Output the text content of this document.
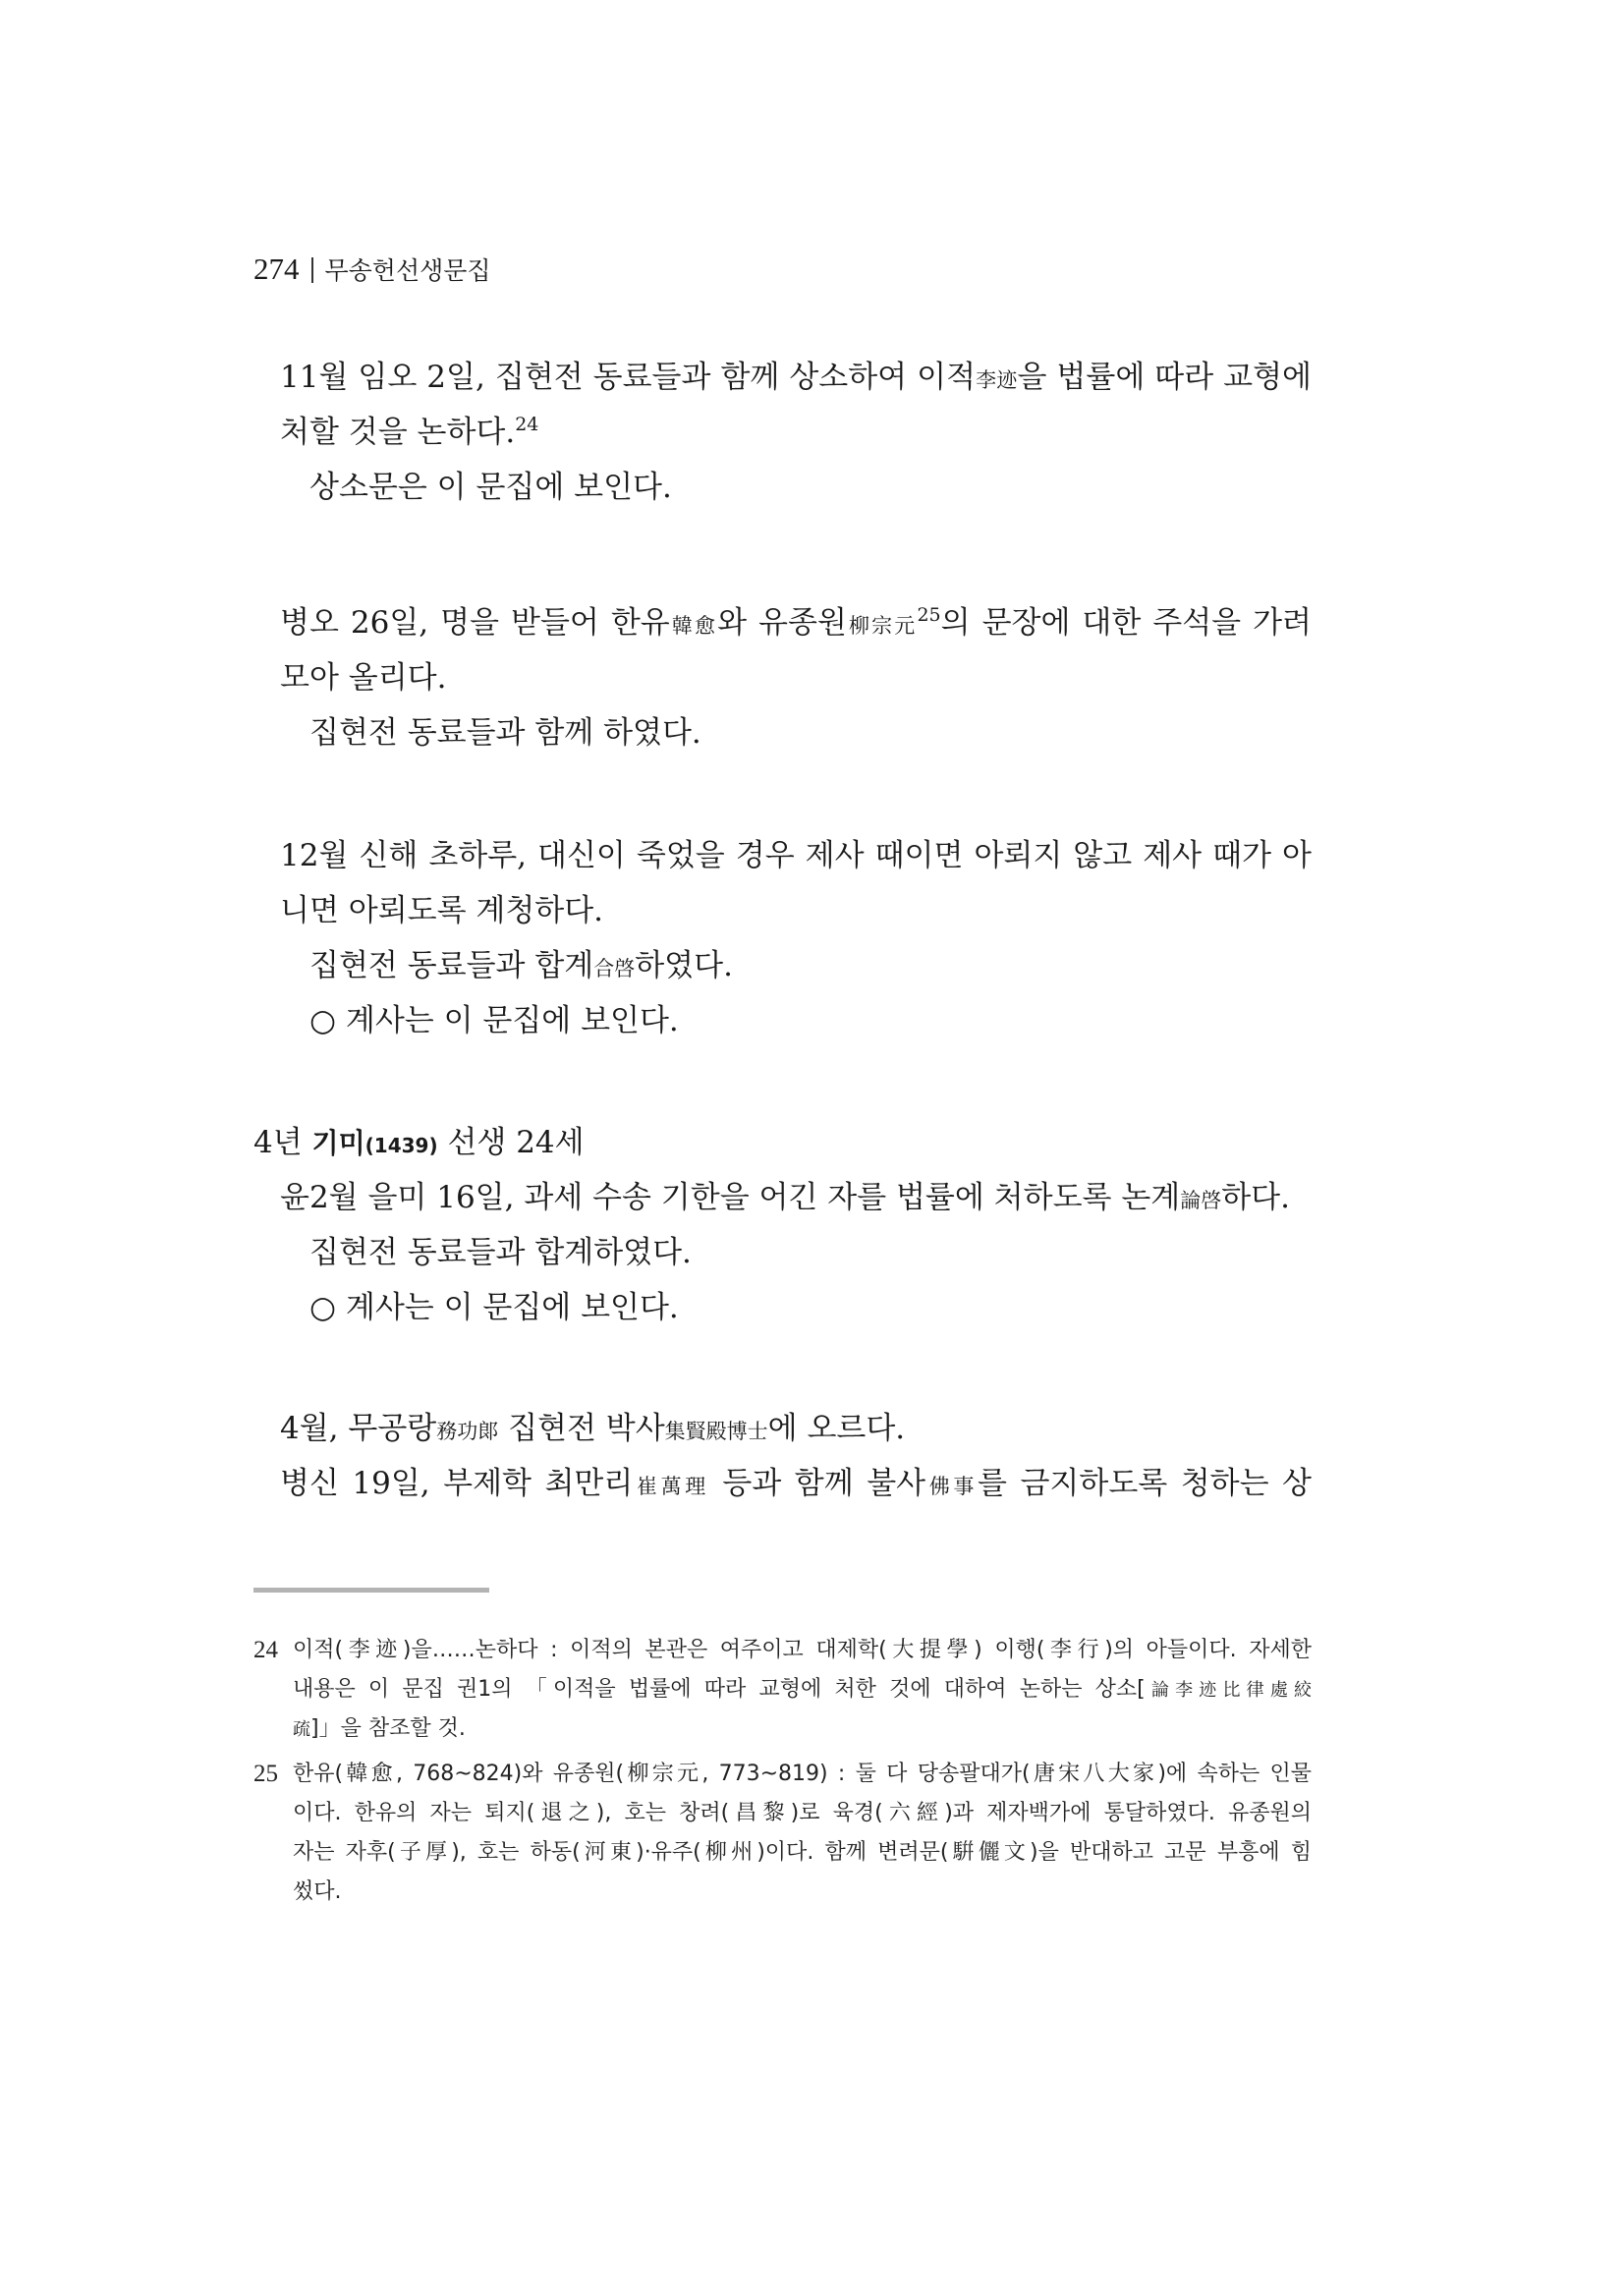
274 무송헌선생문집
11월 임오 2일, 집현전 동료들과 함께 상소하여 이적李迹을 법률에 따라 교형에
처할 것을 논하다.$^{24}$
상소문은 이 문집에 보인다.
병오 26일, 명을 받들어 한유韓愈와 유종원柳宗元$^{25}$의 문장에 대한 주석을 가려
모아 올리다.
집현전 동료들과 함께 하였다.
12월 신해 초하루, 대신이 죽었을 경우 제사 때이면 아뢰지 않고 제사 때가 아
니면 아뢰도록 계청하다.
집현전 동료들과 합계合啓하였다.
○ 계사는 이 문집에 보인다.
4년 기미(1439) 선생 24세
윤2월 을미 16일, 과세 수송 기한을 어긴 자를 법률에 처하도록 논계論啓하다.
집현전 동료들과 합계하였다.
○ 계사는 이 문집에 보인다.
4월, 무공랑務功郞 집현전 박사集賢殿博士에 오르다.
병신 19일, 부제학 최만리崔萬理 등과 함께 불사佛事를 금지하도록 청하는 상
24 이적(李迹)을……논하다 : 이적의 본관은 여주이고 대제학(大提學) 이행(李行)의 아들이다. 자세한
내용은 이 문집 권1의 「이적을 법률에 따라 교형에 처한 것에 대하여 논하는 상소[論李迹比律處絞
疏]」을 참조할 것.
25 한유(韓愈, 768~824)와 유종원(柳宗元, 773~819) : 둘 다 당송팔대가(唐宋八大家)에 속하는 인물
이다. 한유의 자는 퇴지(退之), 호는 창려(昌黎)로 육경(六經)과 제자백가에 통달하였다. 유종원의
자는 자후(子厚), 호는 하동(河東)·유주(柳州)이다. 함께 변려문(騈儷文)을 반대하고 고문 부흥에 힘
썼다.
